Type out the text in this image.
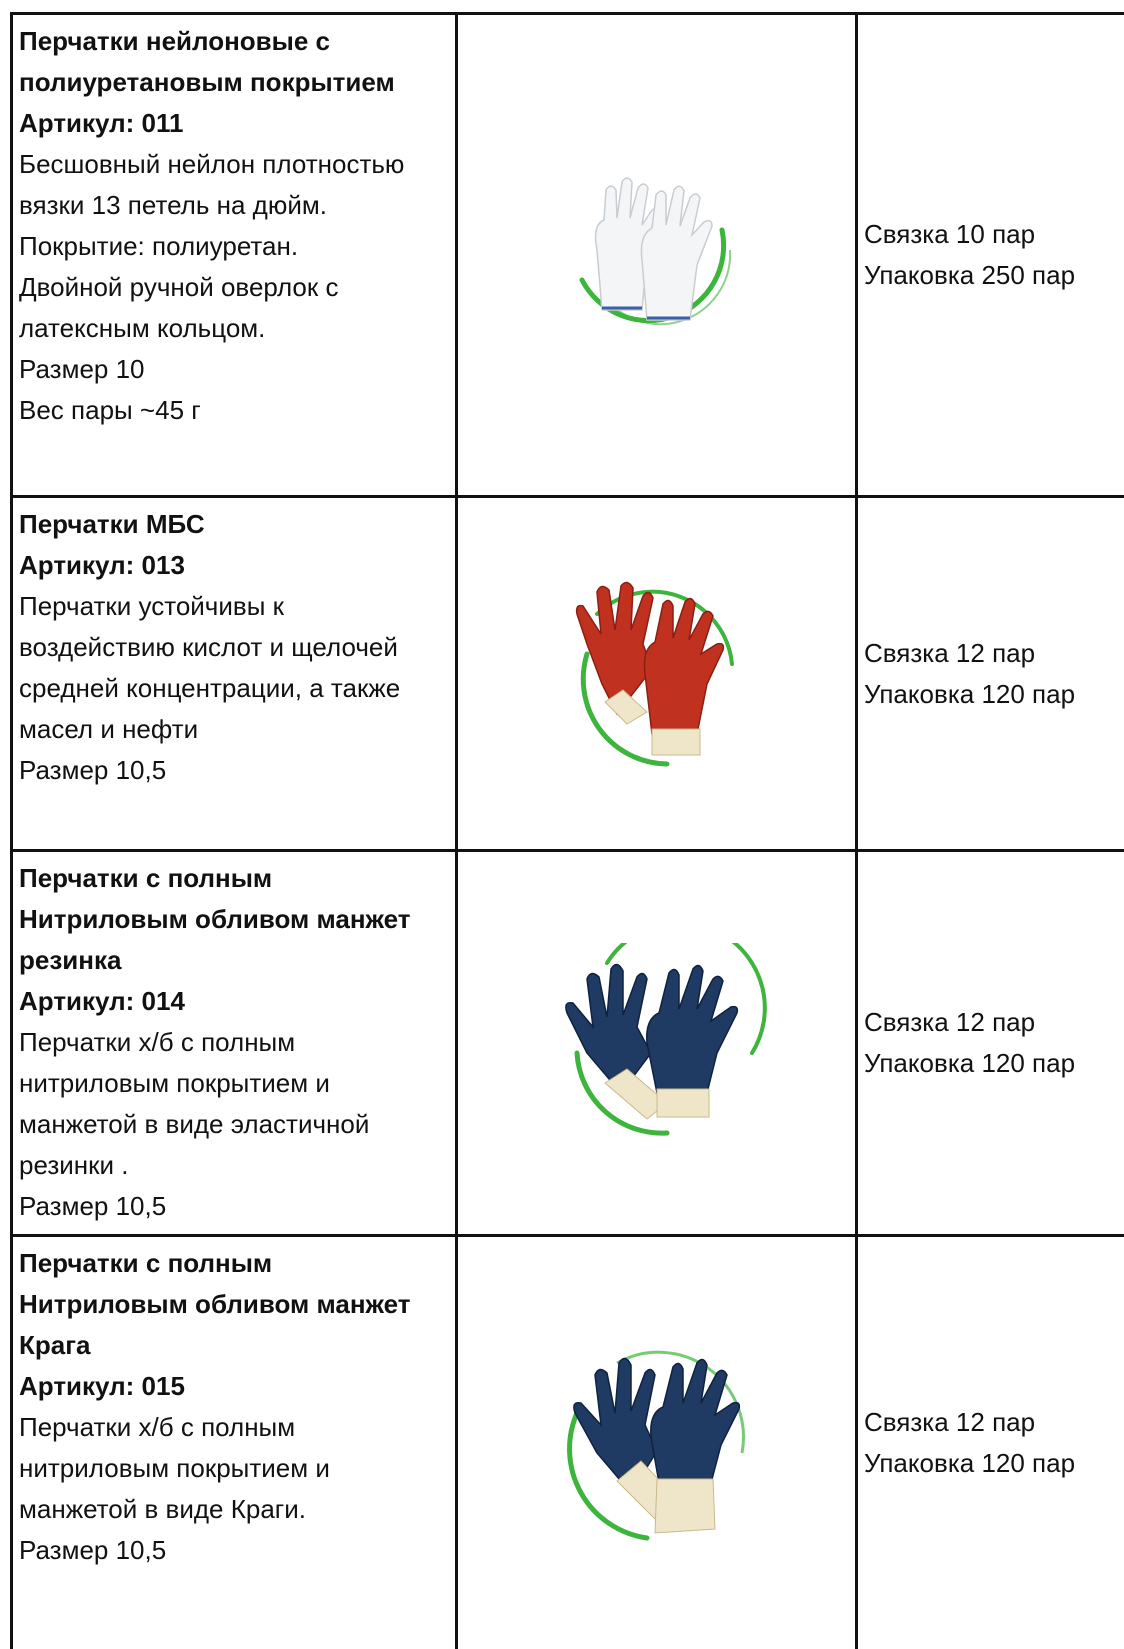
Перчатки нейлоновые с
полиуретановым покрытием
Артикул: 011
Бесшовный нейлон плотностью
вязки 13 петель на дюйм.
Покрытие: полиуретан.
Двойной ручной оверлок с
латексным кольцом.
Размер 10
Вес пары ~45 г
Связка 10 пар
Упаковка 250 пар
Перчатки МБС
Артикул: 013
Перчатки устойчивы к
воздействию кислот и щелочей
средней концентрации, а также
масел и нефти
Размер 10,5
Связка 12 пар
Упаковка 120 пар
Перчатки с полным
Нитриловым обливом манжет
резинка
Артикул: 014
Перчатки х/б с полным
нитриловым покрытием и
манжетой в виде эластичной
резинки .
Размер 10,5
Связка 12 пар
Упаковка 120 пар
Перчатки с полным
Нитриловым обливом манжет
Крага
Артикул: 015
Перчатки х/б с полным
нитриловым покрытием и
манжетой в виде Краги.
Размер 10,5
Связка 12 пар
Упаковка 120 пар
